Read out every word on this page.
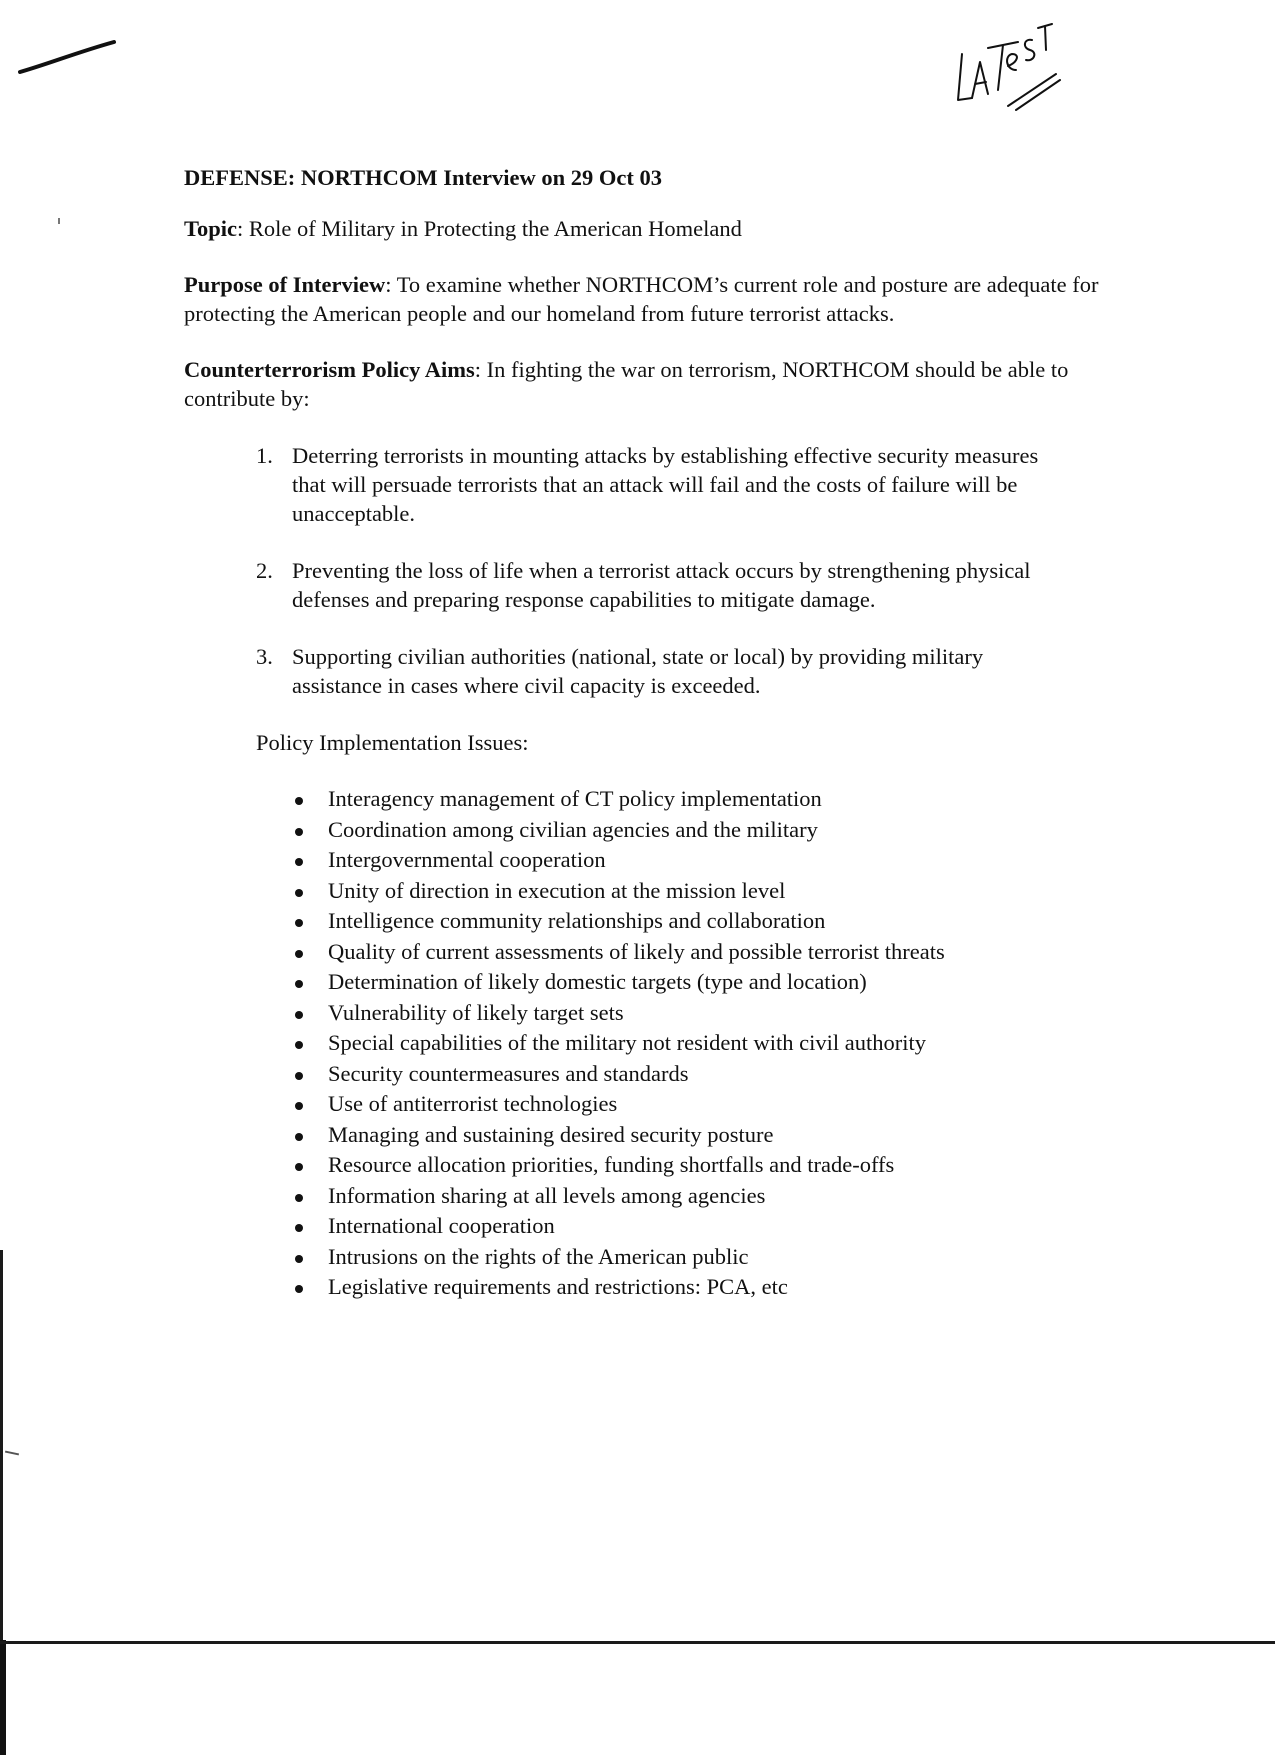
DEFENSE: NORTHCOM Interview on 29 Oct 03

Topic: Role of Military in Protecting the American Homeland

Purpose of Interview: To examine whether NORTHCOM’s current role and posture are adequate for protecting the American people and our homeland from future terrorist attacks.

Counterterrorism Policy Aims: In fighting the war on terrorism, NORTHCOM should be able to contribute by:

1. Deterring terrorists in mounting attacks by establishing effective security measures that will persuade terrorists that an attack will fail and the costs of failure will be unacceptable.
2. Preventing the loss of life when a terrorist attack occurs by strengthening physical defenses and preparing response capabilities to mitigate damage.
3. Supporting civilian authorities (national, state or local) by providing military assistance in cases where civil capacity is exceeded.

Policy Implementation Issues:

Interagency management of CT policy implementation
Coordination among civilian agencies and the military
Intergovernmental cooperation
Unity of direction in execution at the mission level
Intelligence community relationships and collaboration
Quality of current assessments of likely and possible terrorist threats
Determination of likely domestic targets (type and location)
Vulnerability of likely target sets
Special capabilities of the military not resident with civil authority
Security countermeasures and standards
Use of antiterrorist technologies
Managing and sustaining desired security posture
Resource allocation priorities, funding shortfalls and trade-offs
Information sharing at all levels among agencies
International cooperation
Intrusions on the rights of the American public
Legislative requirements and restrictions: PCA, etc
